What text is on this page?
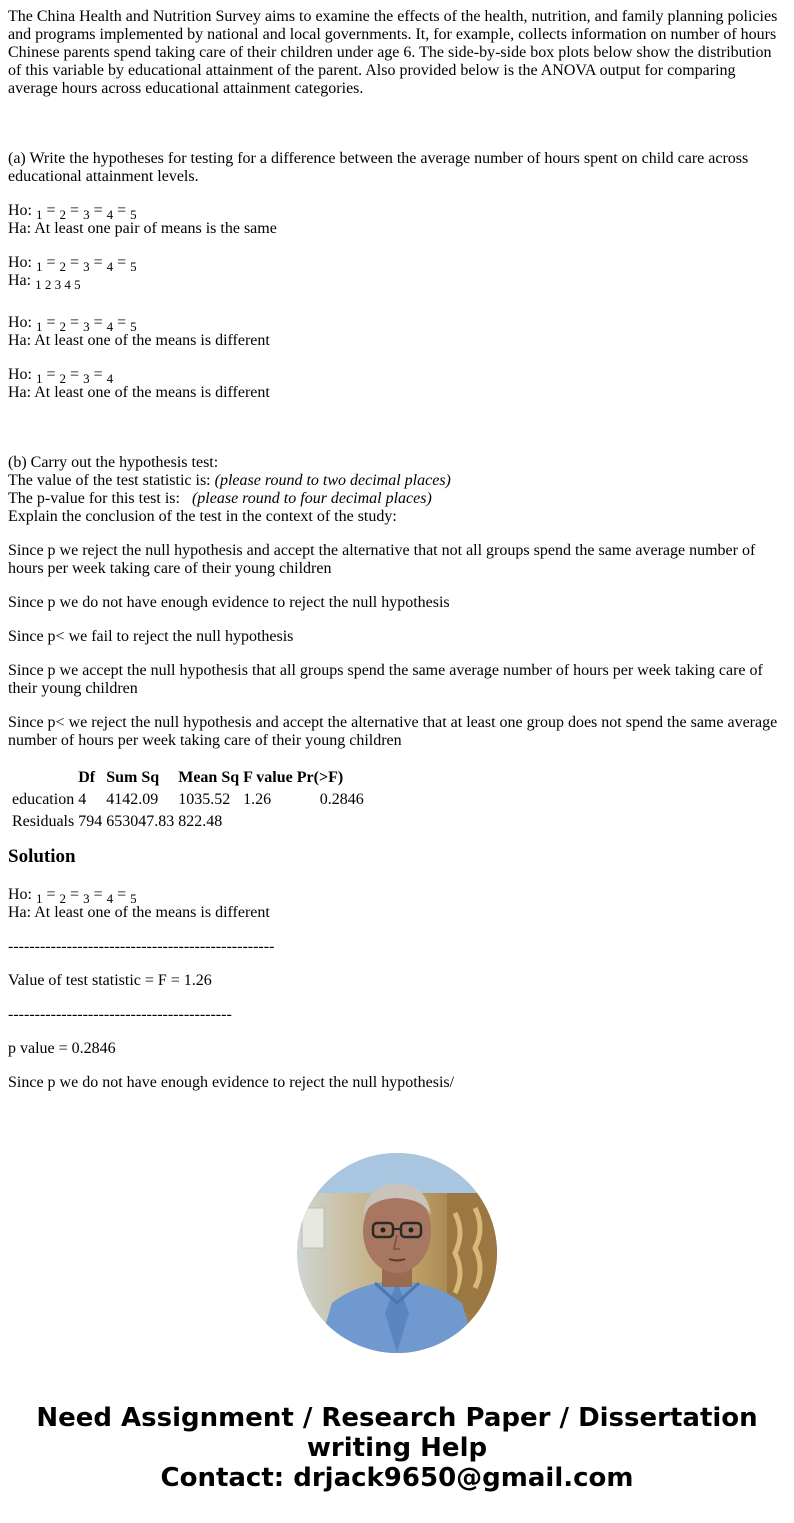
The China Health and Nutrition Survey aims to examine the effects of the health, nutrition, and family planning policies and programs implemented by national and local governments. It, for example, collects information on number of hours Chinese parents spend taking care of their children under age 6. The side-by-side box plots below show the distribution of this variable by educational attainment of the parent. Also provided below is the ANOVA output for comparing average hours across educational attainment categories.

(a) Write the hypotheses for testing for a difference between the average number of hours spent on child care across educational attainment levels.

Ho: $_1$ = $_2$ = $_3$ = $_4$ = $_5$
Ha: At least one pair of means is the same
Ho: $_1$ = $_2$ = $_3$ = $_4$ = $_5$
Ha: $_{1 2 3 4 5}$
Ho: $_1$ = $_2$ = $_3$ = $_4$ = $_5$
Ha: At least one of the means is different
Ho: $_1$ = $_2$ = $_3$ = $_4$
Ha: At least one of the means is different
(b) Carry out the hypothesis test:
The value of the test statistic is: (please round to two decimal places)
The p-value for this test is:   (please round to four decimal places)
Explain the conclusion of the test in the context of the study:

Since p we reject the null hypothesis and accept the alternative that not all groups spend the same average number of hours per week taking care of their young children

Since p we do not have enough evidence to reject the null hypothesis

Since p< we fail to reject the null hypothesis

Since p we accept the null hypothesis that all groups spend the same average number of hours per week taking care of their young children

Since p< we reject the null hypothesis and accept the alternative that at least one group does not spend the same average number of hours per week taking care of their young children

	Df	Sum Sq	Mean Sq	F value	Pr(>F)
education	4	4142.09	1035.52	1.26	0.2846
Residuals	794	653047.83	822.48		
Solution
Ho: $_1$ = $_2$ = $_3$ = $_4$ = $_5$
Ha: At least one of the means is different

--------------------------------------------------

Value of test statistic = F = 1.26

------------------------------------------

p value = 0.2846

Since p we do not have enough evidence to reject the null hypothesis/

Need Assignment / Research Paper / Dissertation
writing Help
Contact: drjack9650@gmail.com
